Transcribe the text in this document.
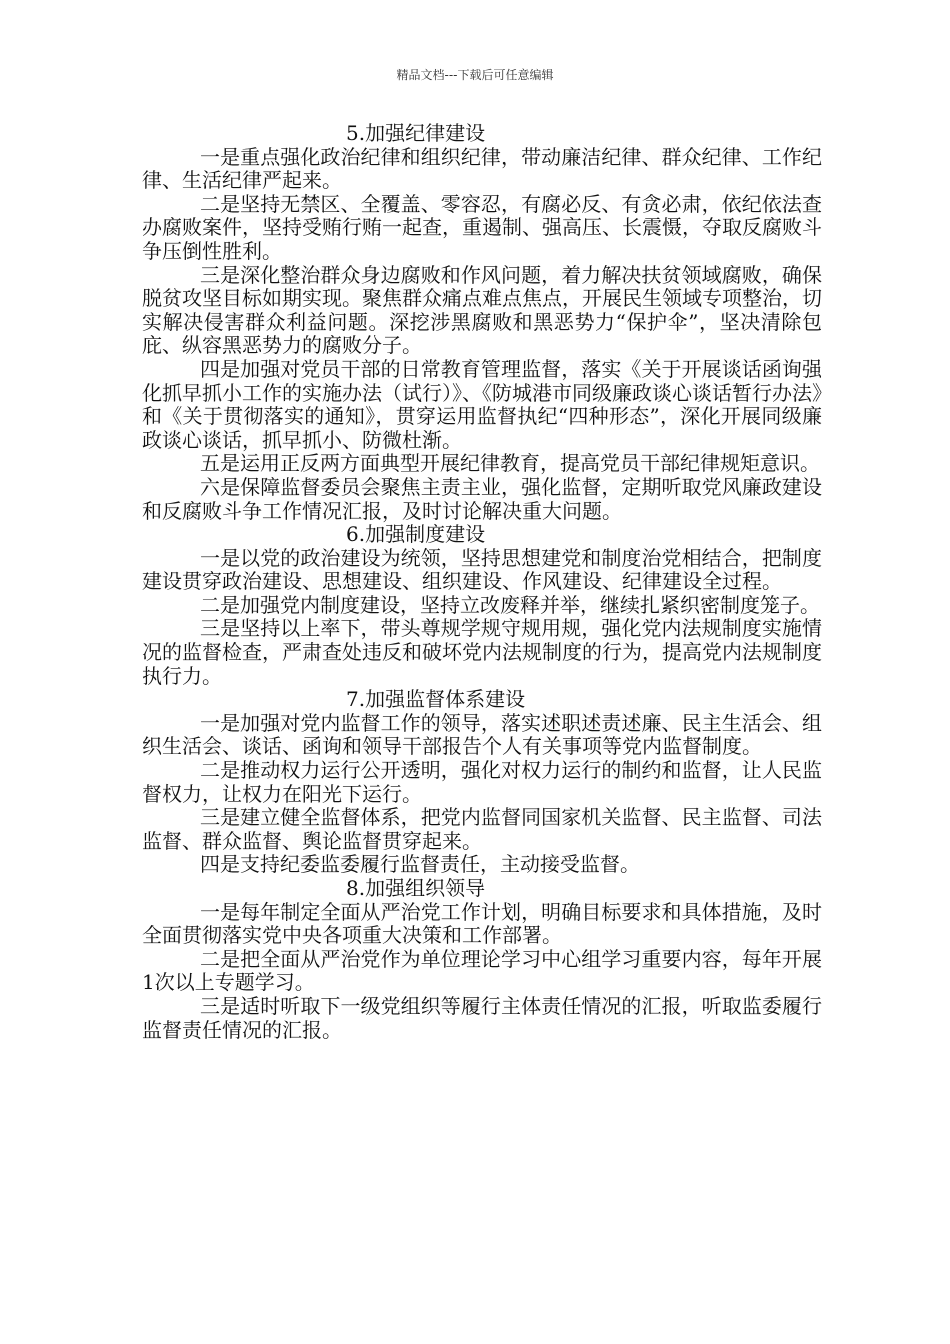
精品文档---下载后可任意编辑

5.加强纪律建设

一是重点强化政治纪律和组织纪律，带动廉洁纪律、群众纪律、工作纪律、生活纪律严起来。

二是坚持无禁区、全覆盖、零容忍，有腐必反、有贪必肃，依纪依法查办腐败案件，坚持受贿行贿一起查，重遏制、强高压、长震慑，夺取反腐败斗争压倒性胜利。

三是深化整治群众身边腐败和作风问题，着力解决扶贫领域腐败，确保脱贫攻坚目标如期实现。聚焦群众痛点难点焦点，开展民生领域专项整治，切实解决侵害群众利益问题。深挖涉黑腐败和黑恶势力“保护伞”，坚决清除包庇、纵容黑恶势力的腐败分子。

四是加强对党员干部的日常教育管理监督，落实《关于开展谈话函询强化抓早抓小工作的实施办法（试行）》、《防城港市同级廉政谈心谈话暂行办法》和《关于贯彻落实的通知》，贯穿运用监督执纪“四种形态”，深化开展同级廉政谈心谈话，抓早抓小、防微杜渐。

五是运用正反两方面典型开展纪律教育，提高党员干部纪律规矩意识。

六是保障监督委员会聚焦主责主业，强化监督，定期听取党风廉政建设和反腐败斗争工作情况汇报，及时讨论解决重大问题。

6.加强制度建设

一是以党的政治建设为统领，坚持思想建党和制度治党相结合，把制度建设贯穿政治建设、思想建设、组织建设、作风建设、纪律建设全过程。

二是加强党内制度建设，坚持立改废释并举，继续扎紧织密制度笼子。

三是坚持以上率下，带头尊规学规守规用规，强化党内法规制度实施情况的监督检查，严肃查处违反和破坏党内法规制度的行为，提高党内法规制度执行力。

7.加强监督体系建设

一是加强对党内监督工作的领导，落实述职述责述廉、民主生活会、组织生活会、谈话、函询和领导干部报告个人有关事项等党内监督制度。

二是推动权力运行公开透明，强化对权力运行的制约和监督，让人民监督权力，让权力在阳光下运行。

三是建立健全监督体系，把党内监督同国家机关监督、民主监督、司法监督、群众监督、舆论监督贯穿起来。

四是支持纪委监委履行监督责任，主动接受监督。

8.加强组织领导

一是每年制定全面从严治党工作计划，明确目标要求和具体措施，及时全面贯彻落实党中央各项重大决策和工作部署。

二是把全面从严治党作为单位理论学习中心组学习重要内容，每年开展1次以上专题学习。

三是适时听取下一级党组织等履行主体责任情况的汇报，听取监委履行监督责任情况的汇报。
